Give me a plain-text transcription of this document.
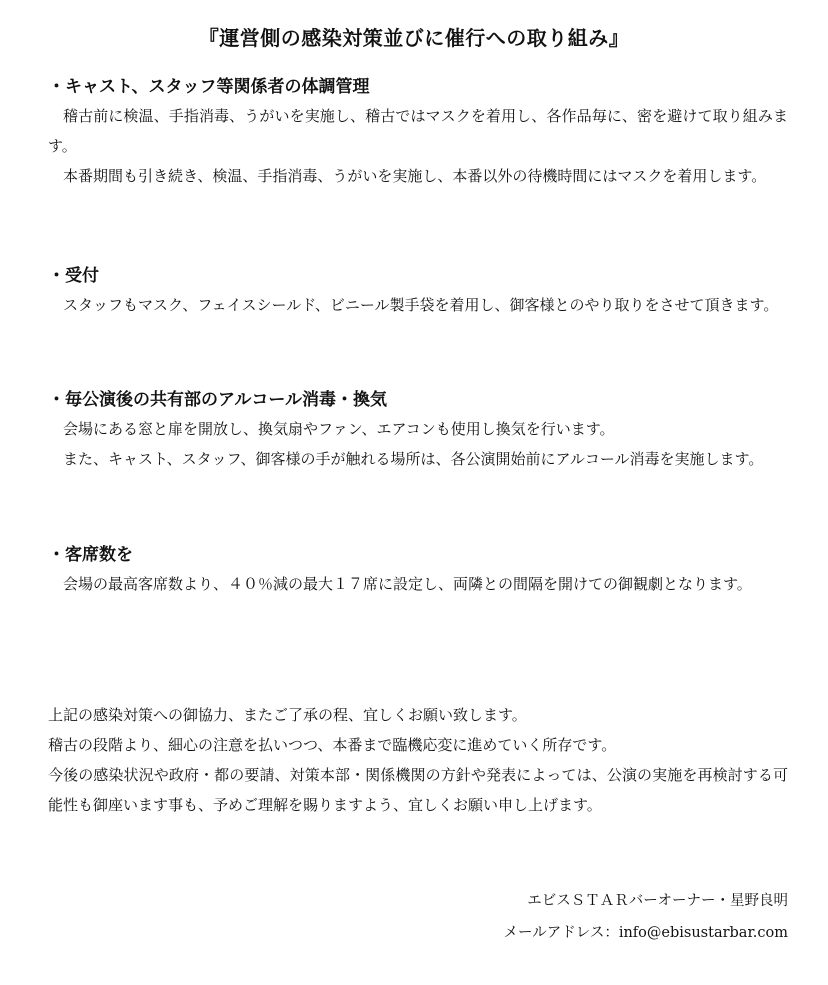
『運営側の感染対策並びに催行への取り組み』
・キャスト、スタッフ等関係者の体調管理

稽古前に検温、手指消毒、うがいを実施し、稽古ではマスクを着用し、各作品毎に、密を避けて取り組みます。

本番期間も引き続き、検温、手指消毒、うがいを実施し、本番以外の待機時間にはマスクを着用します。

・受付

スタッフもマスク、フェイスシールド、ビニール製手袋を着用し、御客様とのやり取りをさせて頂きます。

・毎公演後の共有部のアルコール消毒・換気

会場にある窓と扉を開放し、換気扇やファン、エアコンも使用し換気を行います。

また、キャスト、スタッフ、御客様の手が触れる場所は、各公演開始前にアルコール消毒を実施します。

・客席数を

会場の最高客席数より、４０％減の最大１７席に設定し、両隣との間隔を開けての御観劇となります。

上記の感染対策への御協力、またご了承の程、宜しくお願い致します。

稽古の段階より、細心の注意を払いつつ、本番まで臨機応変に進めていく所存です。

今後の感染状況や政府・都の要請、対策本部・関係機関の方針や発表によっては、公演の実施を再検討する可能性も御座います事も、予めご理解を賜りますよう、宜しくお願い申し上げます。

エビスＳＴＡＲバーオーナー・星野良明
メールアドレス：info@ebisustarbar.com
